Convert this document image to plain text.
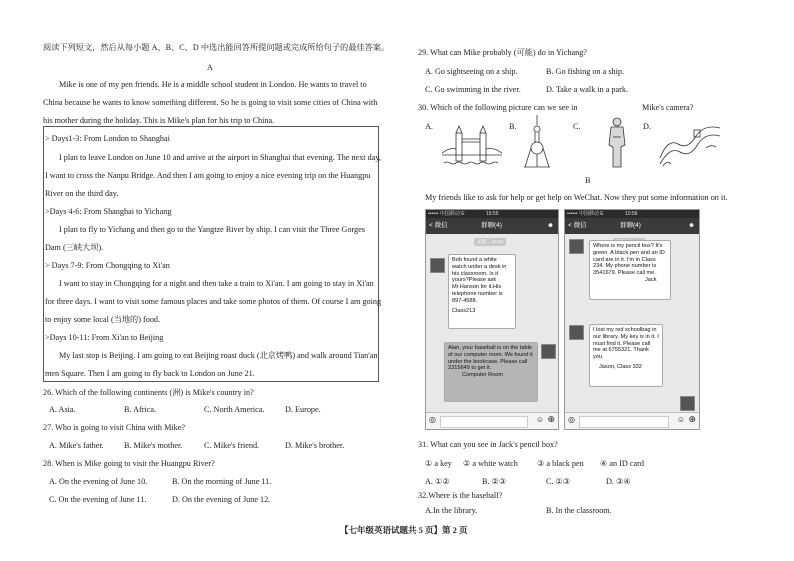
阅读下列短文，然后从每小题 A、B、C、D 中选出能回答所提问题或完成所给句子的最佳答案。
A
Mike is one of my pen friends. He is a middle school student in London. He wants to travel to
China because he wants to know something different. So he is going to visit some cities of China with
his mother during the holiday. This is Mike's plan for his trip to China.
> Days1-3: From London to Shanghai
I plan to leave London on June 10 and arrive at the airport in Shanghai that evening. The next day,
I want to cross the Nanpu Bridge. And then I am going to enjoy a nice evening trip on the Huangpu
River on the third day.
>Days 4-6: From Shanghai to Yichang
I plan to fly to Yichang and then go to the Yangtze River by ship. I can visit the Three Gorges
Dam (三峡大坝).
> Days 7-9: From Chongqing to Xi'an
I want to stay in Chongqing for a night and then take a train to Xi'an. I am going to stay in Xi'an
for three days. I want to visit some famous places and take some photos of them. Of course I am going
to enjoy some local (当地的) food.
>Days 10-11: From Xi'an to Beijing
My last stop is Beijing. I am going to eat Beijing roast duck (北京烤鸭) and walk around Tian'an
men Square. Then I am going to fly back to London on June 21.
26. Which of the following continents (洲) is Mike's country in?
A. Asia.	B. Africa.	C. North America.	D. Europe.
27. Who is going to visit China with Mike?
A. Mike's father. B. Mike's mother.	C. Mike's friend.	D. Mike's brother.
28. When is Mike going to visit the Huangpu River?
A. On the evening of June 10.	B. On the morning of June 11.
C. On the evening of June 11.	D. On the evening of June 12.
29. What can Mike probably (可能) do in Yichang?
A. Go sightseeing on a ship.	B. Go fishing on a ship.
C. Go swimming in the river.	D. Take a walk in a park.
30. Which of the following picture can we see in	Mike's camera?
A.	B.	C.	D.
B
My friends like to ask for help or get help on WeChat. Now they put some information on it.
•••••• 中国移动 E	16:55
< 微信	群聊(4)	☻
星期二 12:24
Bob found a white watch under a desk in his classroom. Is it yours?Please ask Mr.Hanson for it.His telephone number is 897-4588.
Class213
Alan, your baseball is on the table of our computer room. We found it under the bookcase. Please call 2315649 to get it.
Computer Room
◎	☺ ⊕
•••••• 中国移动 E	10:56
< 微信	群聊(4)	☻
Where is my pencil box? It's green. A black pen and an ID card are in it. I'm in Class 234. My phone number is 3541679. Please call me.
Jack
I lost my red schoolbag in our library. My key is in it. I must find it. Please call me at 6755321. Thank you.
Jason, Class 332
◎	☺ ⊕
31. What can you see in Jack's pencil box?
① a key ② a white watch ③ a black pen ④ an ID card
A. ①②	B. ②③	C. ①③	D. ③④
32.Where is the baseball?
A.In the library.	B. In the classroom.
【七年级英语试题共 5 页】第 2 页
